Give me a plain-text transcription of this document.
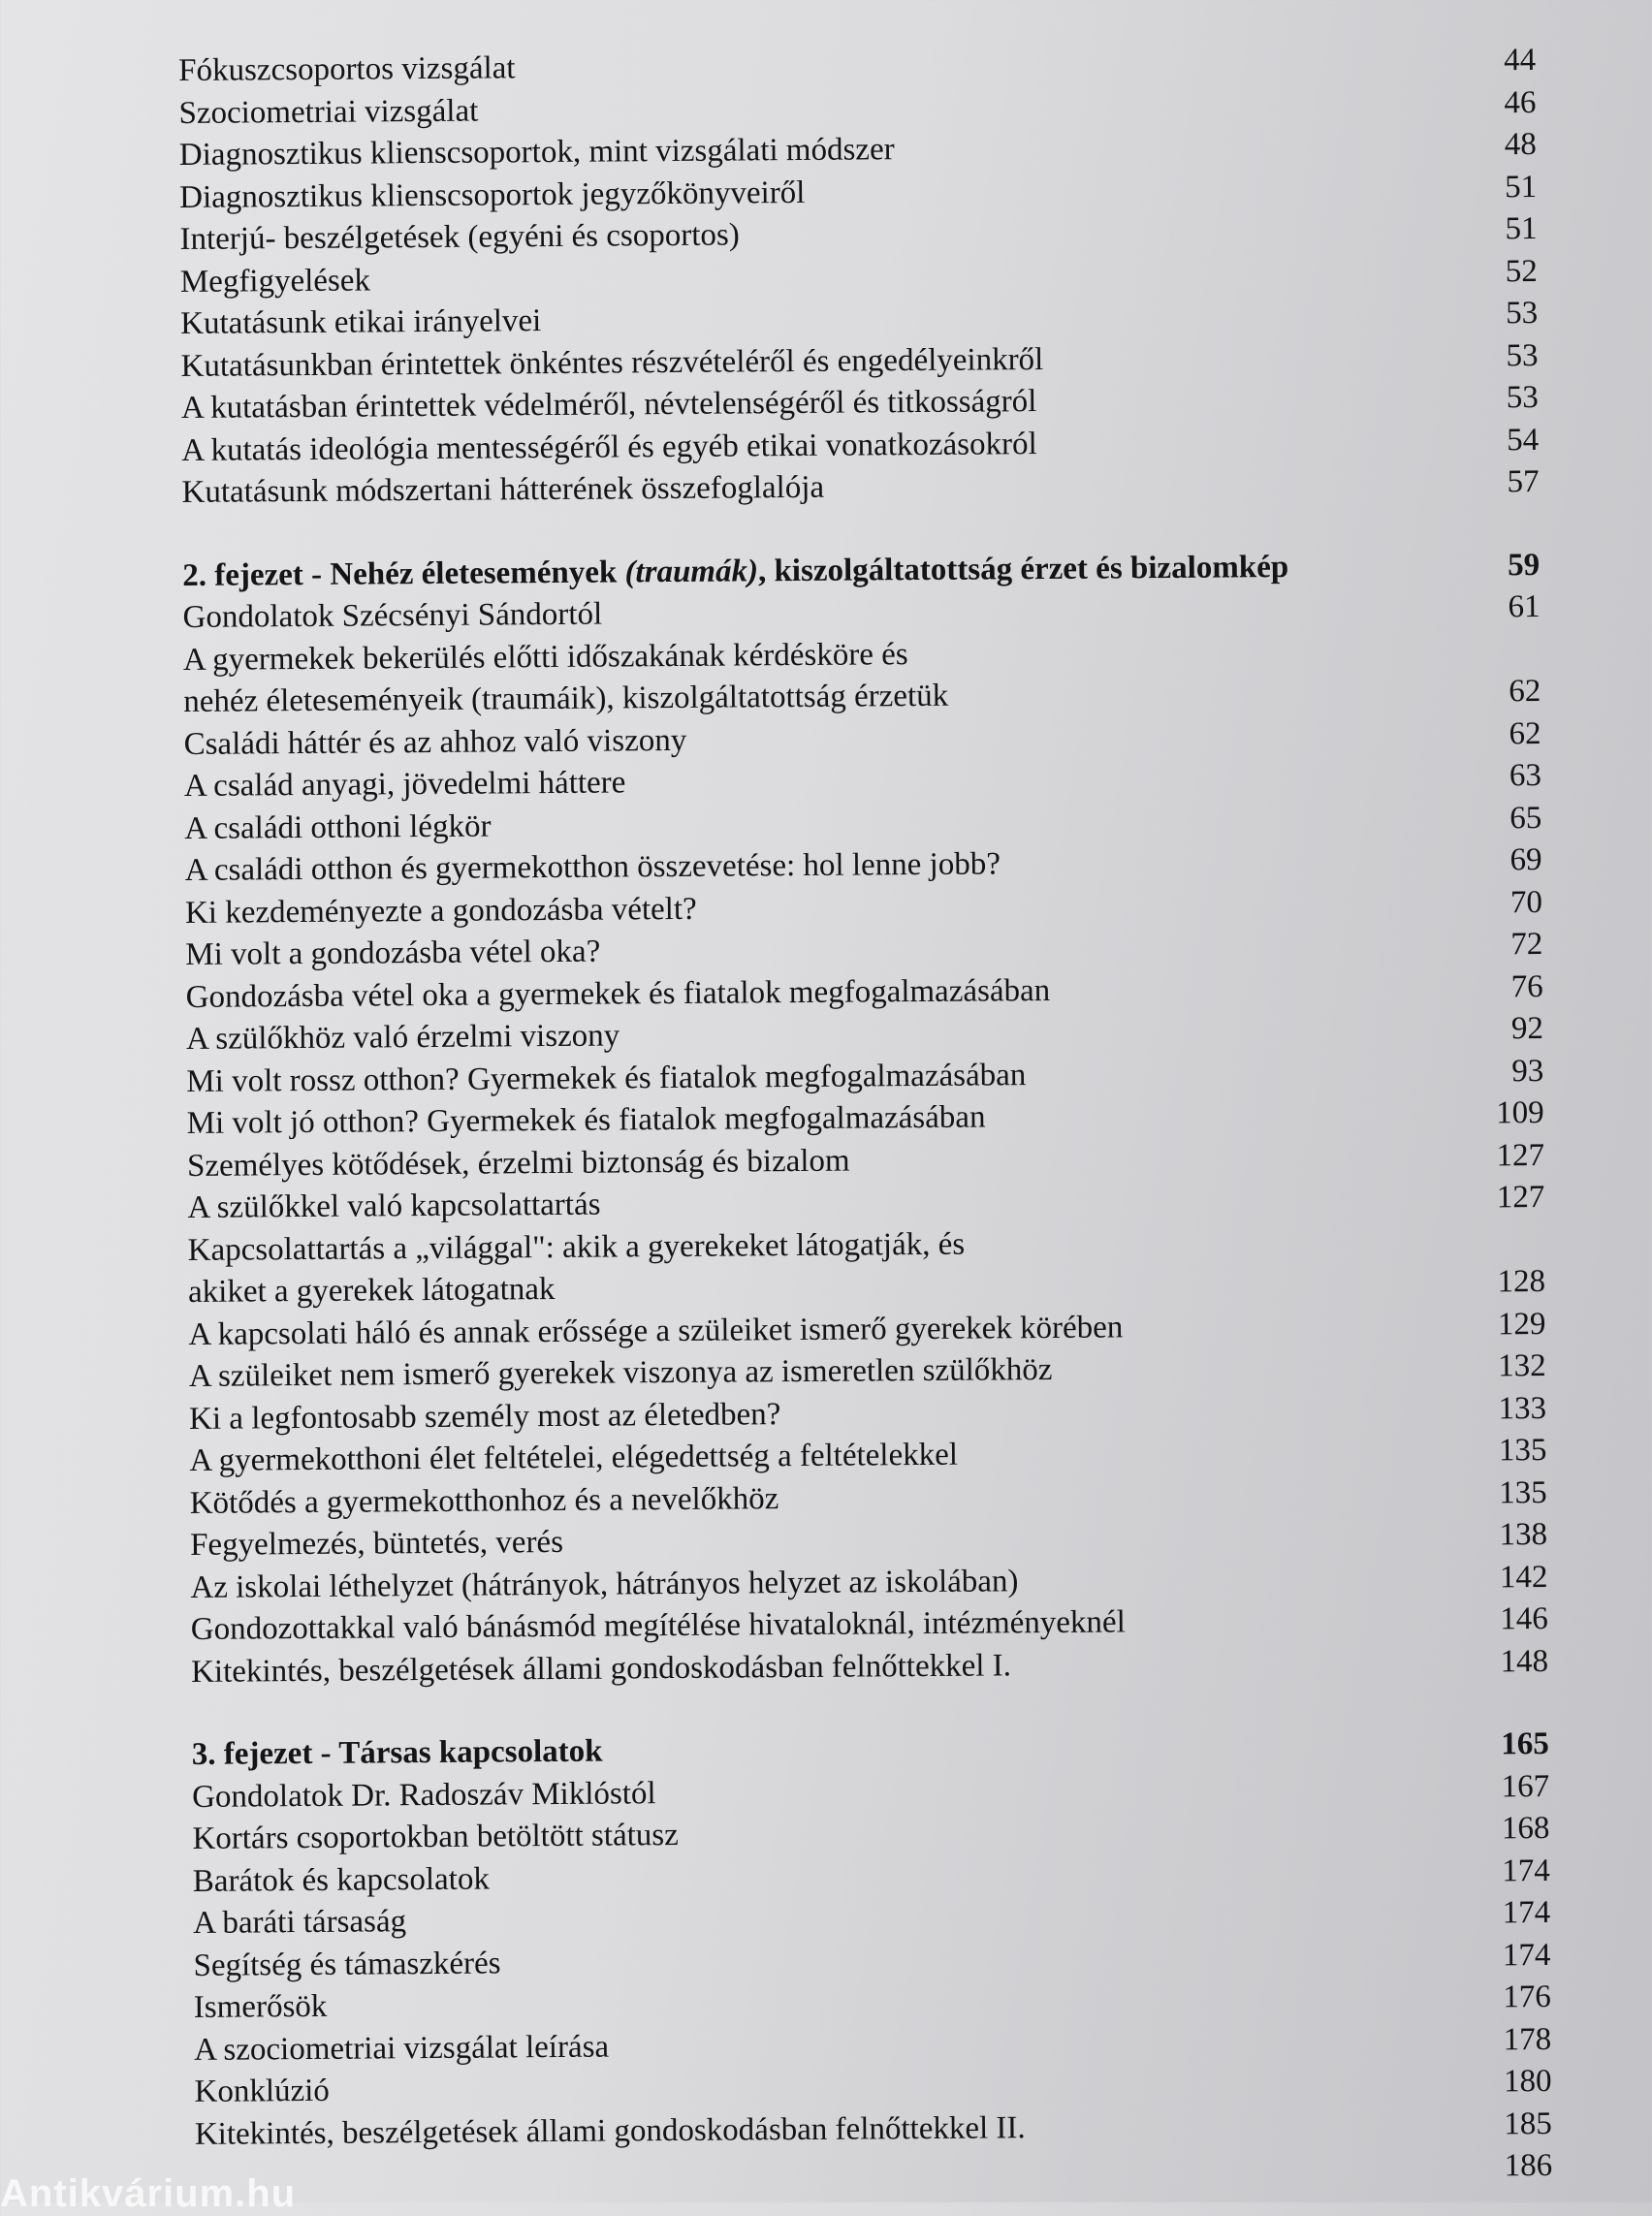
Fókuszcsoportos vizsgálat	44
Szociometriai vizsgálat	46
Diagnosztikus klienscsoportok, mint vizsgálati módszer	48
Diagnosztikus klienscsoportok jegyzőkönyveiről	51
Interjú- beszélgetések (egyéni és csoportos)	51
Megfigyelések	52
Kutatásunk etikai irányelvei	53
Kutatásunkban érintettek önkéntes részvételéről és engedélyeinkről	53
A kutatásban érintettek védelméről, névtelenségéről és titkosságról	53
A kutatás ideológia mentességéről és egyéb etikai vonatkozásokról	54
Kutatásunk módszertani hátterének összefoglalója	57
2. fejezet - Nehéz életesemények (traumák), kiszolgáltatottság érzet és bizalomkép	59
Gondolatok Szécsényi Sándortól	61
A gyermekek bekerülés előtti időszakának kérdésköre és
nehéz életeseményeik (traumáik), kiszolgáltatottság érzetük	62
Családi háttér és az ahhoz való viszony	62
A család anyagi, jövedelmi háttere	63
A családi otthoni légkör	65
A családi otthon és gyermekotthon összevetése: hol lenne jobb?	69
Ki kezdeményezte a gondozásba vételt?	70
Mi volt a gondozásba vétel oka?	72
Gondozásba vétel oka a gyermekek és fiatalok megfogalmazásában	76
A szülőkhöz való érzelmi viszony	92
Mi volt rossz otthon? Gyermekek és fiatalok megfogalmazásában	93
Mi volt jó otthon? Gyermekek és fiatalok megfogalmazásában	109
Személyes kötődések, érzelmi biztonság és bizalom	127
A szülőkkel való kapcsolattartás	127
Kapcsolattartás a „világgal": akik a gyerekeket látogatják, és
akiket a gyerekek látogatnak	128
A kapcsolati háló és annak erőssége a szüleiket ismerő gyerekek körében	129
A szüleiket nem ismerő gyerekek viszonya az ismeretlen szülőkhöz	132
Ki a legfontosabb személy most az életedben?	133
A gyermekotthoni élet feltételei, elégedettség a feltételekkel	135
Kötődés a gyermekotthonhoz és a nevelőkhöz	135
Fegyelmezés, büntetés, verés	138
Az iskolai léthelyzet (hátrányok, hátrányos helyzet az iskolában)	142
Gondozottakkal való bánásmód megítélése hivataloknál, intézményeknél	146
Kitekintés, beszélgetések állami gondoskodásban felnőttekkel I.	148
3. fejezet - Társas kapcsolatok	165
Gondolatok Dr. Radoszáv Miklóstól	167
Kortárs csoportokban betöltött státusz	168
Barátok és kapcsolatok	174
A baráti társaság	174
Segítség és támaszkérés	174
Ismerősök	176
A szociometriai vizsgálat leírása	178
Konklúzió	180
Kitekintés, beszélgetések állami gondoskodásban felnőttekkel II.	185
186
Antikvárium.hu
